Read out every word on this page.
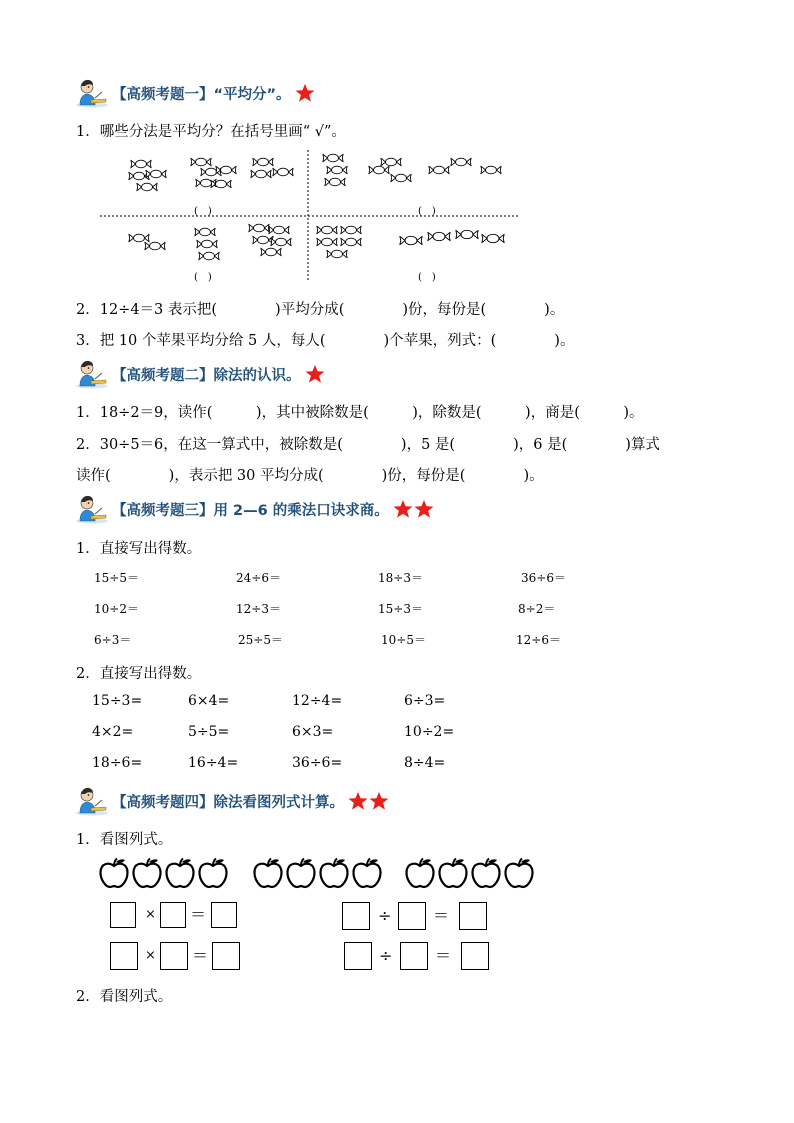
【高频考题一】“平均分”。
1．哪些分法是平均分？在括号里画“ √”。
(　)	(　)
(　)	(　)
2．12÷4＝3 表示把(　　　　)平均分成(　　　　)份，每份是(　　　　)。
3．把 10 个苹果平均分给 5 人，每人(　　　　)个苹果，列式：(　　　　)。
【高频考题二】除法的认识。
1．18÷2＝9，读作(　　　)，其中被除数是(　　　)，除数是(　　　)，商是(　　　)。
2．30÷5＝6，在这一算式中，被除数是(　　　　)，5 是(　　　　)，6 是(　　　　)算式
读作(　　　　)，表示把 30 平均分成(　　　　)份，每份是(　　　　)。
【高频考题三】用 2—6 的乘法口诀求商。
1．直接写出得数。
15÷5＝	24÷6＝	18÷3＝	36÷6＝
10÷2＝	12÷3＝	15÷3＝	8÷2＝
6÷3＝	25÷5＝	10÷5＝	12÷6＝
2．直接写出得数。
15÷3=	6×4=	12÷4=	6÷3=
4×2=	5÷5=	6×3=	10÷2=
18÷6=	16÷4=	36÷6=	8÷4=
【高频考题四】除法看图列式计算。
1．看图列式。
× ＝	÷	＝
× ＝	÷	＝
2．看图列式。
